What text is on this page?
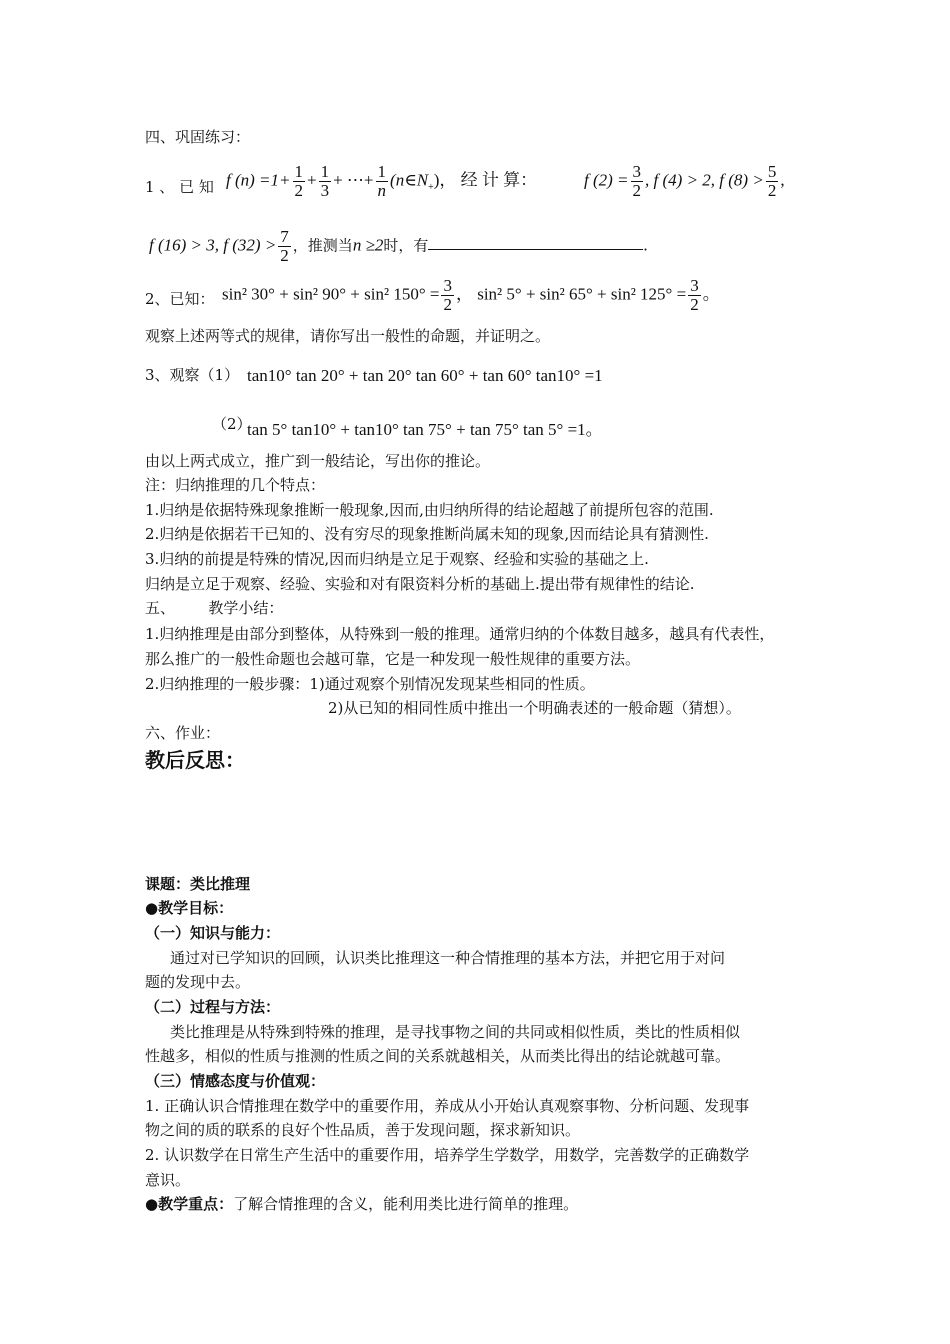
四、巩固练习：
1 、 已 知 f $(n) =1+ \frac{1}{2} + \frac{1}{3}$ + ⋯+ $\frac{1}{n}$ $(n\in N_+)$， 经 计 算：	f $(2) = \frac{3}{2}$ , f (4) > 2, f $(8) > \frac{5}{2}$ ,
f (16) > 3, f $(32) > \frac{7}{2}$ ，推测当n ≥2时，有	.
2、已知： sin² 30° + sin² 90° + sin² $150^\circ = \frac{3}{2}$ ， sin² 5° + sin² 65° + sin² $125^\circ = \frac{3}{2}$ 。
观察上述两等式的规律，请你写出一般性的命题，并证明之。
3、观察（1） tan10° tan 20° + tan 20° tan 60° + tan 60° tan10° =1
（2）
tan 5° tan10° + tan10° tan 75° + tan 75° tan 5° =1。
由以上两式成立，推广到一般结论，写出你的推论。
注：归纳推理的几个特点：
1.归纳是依据特殊现象推断一般现象,因而,由归纳所得的结论超越了前提所包容的范围.
2.归纳是依据若干已知的、没有穷尽的现象推断尚属未知的现象,因而结论具有猜测性.
3.归纳的前提是特殊的情况,因而归纳是立足于观察、经验和实验的基础之上.
归纳是立足于观察、经验、实验和对有限资料分析的基础上.提出带有规律性的结论.
五、       教学小结：
1.归纳推理是由部分到整体，从特殊到一般的推理。通常归纳的个体数目越多，越具有代表性，
那么推广的一般性命题也会越可靠，它是一种发现一般性规律的重要方法。
2.归纳推理的一般步骤：1)通过观察个别情况发现某些相同的性质。
2)从已知的相同性质中推出一个明确表述的一般命题（猜想）。
六、作业：
教后反思：
课题：类比推理
●教学目标：
（一）知识与能力：
通过对已学知识的回顾，认识类比推理这一种合情推理的基本方法，并把它用于对问
题的发现中去。
（二）过程与方法：
类比推理是从特殊到特殊的推理，是寻找事物之间的共同或相似性质，类比的性质相似
性越多，相似的性质与推测的性质之间的关系就越相关，从而类比得出的结论就越可靠。
（三）情感态度与价值观：
1. 正确认识合情推理在数学中的重要作用，养成从小开始认真观察事物、分析问题、发现事
物之间的质的联系的良好个性品质，善于发现问题，探求新知识。
2. 认识数学在日常生产生活中的重要作用，培养学生学数学，用数学，完善数学的正确数学
意识。
●教学重点：了解合情推理的含义，能利用类比进行简单的推理。
